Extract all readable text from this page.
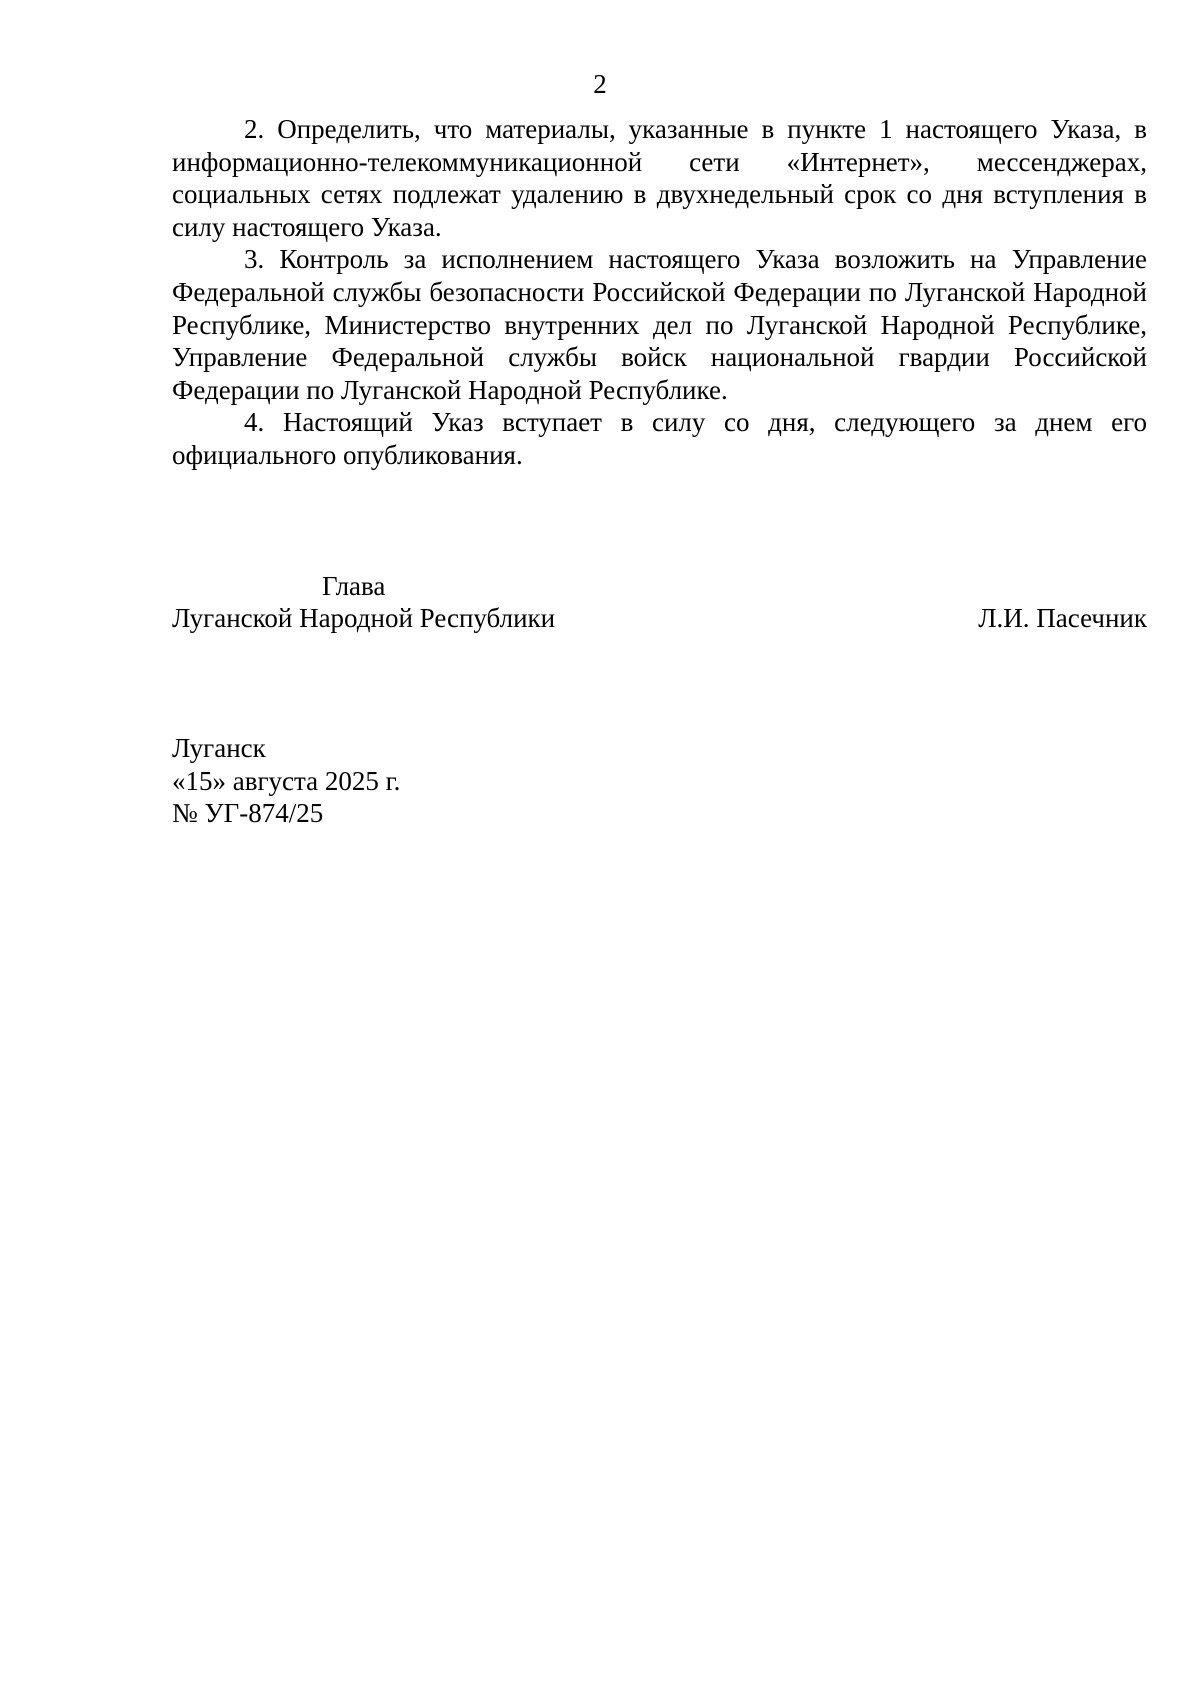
2

2. Определить, что материалы, указанные в пункте 1 настоящего Указа, в информационно-телекоммуникационной сети «Интернет», мессенджерах, социальных сетях подлежат удалению в двухнедельный срок со дня вступления в силу настоящего Указа.

3. Контроль за исполнением настоящего Указа возложить на Управление Федеральной службы безопасности Российской Федерации по Луганской Народной Республике, Министерство внутренних дел по Луганской Народной Республике, Управление Федеральной службы войск национальной гвардии Российской Федерации по Луганской Народной Республике.

4. Настоящий Указ вступает в силу со дня, следующего за днем его официального опубликования.

Глава
Луганской Народной Республики	Л.И. Пасечник
Луганск
«15» августа 2025 г.
№ УГ-874/25
